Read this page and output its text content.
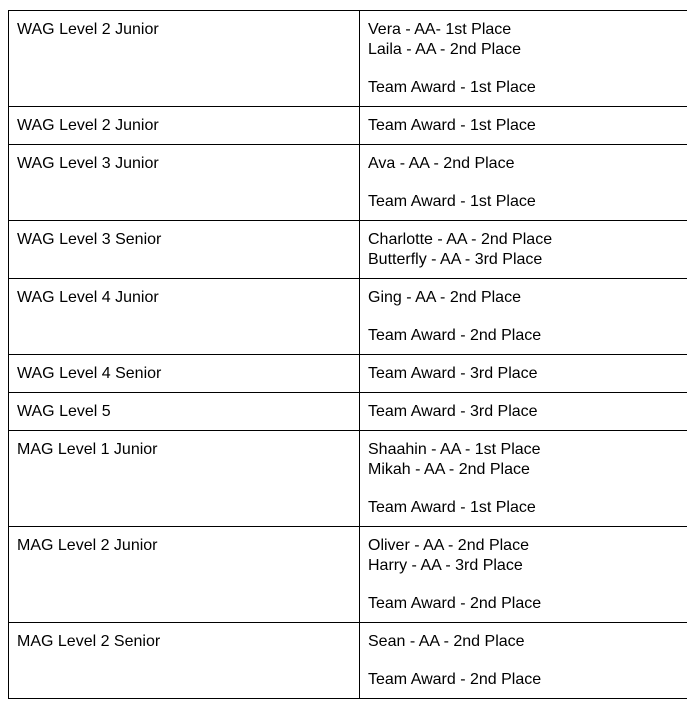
WAG Level 2 Junior	Vera - AA- 1st Place
Laila - AA - 2nd Place
Team Award - 1st Place

WAG Level 2 Junior	Team Award - 1st Place

WAG Level 3 Junior	Ava - AA - 2nd Place
Team Award - 1st Place

WAG Level 3 Senior	Charlotte - AA - 2nd Place
Butterfly - AA - 3rd Place

WAG Level 4 Junior	Ging - AA - 2nd Place
Team Award - 2nd Place

WAG Level 4 Senior	Team Award - 3rd Place

WAG Level 5	Team Award - 3rd Place

MAG Level 1 Junior	Shaahin - AA - 1st Place
Mikah - AA - 2nd Place
Team Award - 1st Place

MAG Level 2 Junior	Oliver - AA - 2nd Place
Harry - AA - 3rd Place
Team Award - 2nd Place

MAG Level 2 Senior	Sean - AA - 2nd Place
Team Award - 2nd Place
